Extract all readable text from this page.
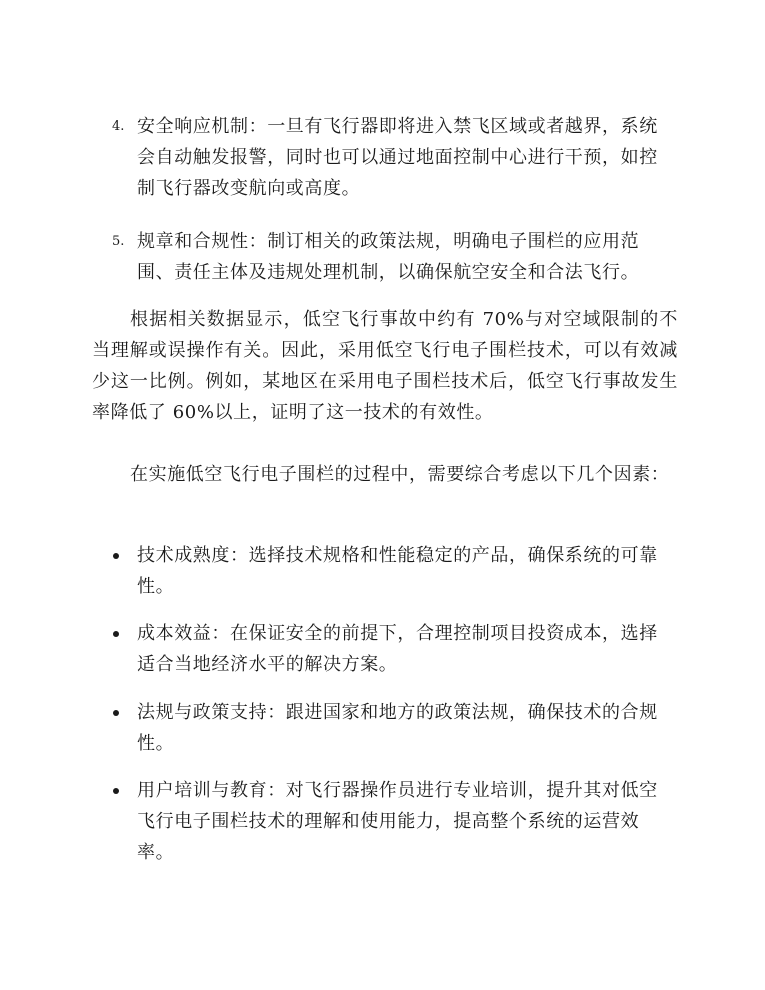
4. 安全响应机制：一旦有飞行器即将进入禁飞区域或者越界，系统会自动触发报警，同时也可以通过地面控制中心进行干预，如控制飞行器改变航向或高度。
5. 规章和合规性：制订相关的政策法规，明确电子围栏的应用范围、责任主体及违规处理机制，以确保航空安全和合法飞行。

根据相关数据显示，低空飞行事故中约有 70%与对空域限制的不当理解或误操作有关。因此，采用低空飞行电子围栏技术，可以有效减少这一比例。例如，某地区在采用电子围栏技术后，低空飞行事故发生率降低了 60%以上，证明了这一技术的有效性。

在实施低空飞行电子围栏的过程中，需要综合考虑以下几个因素：

技术成熟度：选择技术规格和性能稳定的产品，确保系统的可靠性。
成本效益：在保证安全的前提下，合理控制项目投资成本，选择适合当地经济水平的解决方案。
法规与政策支持：跟进国家和地方的政策法规，确保技术的合规性。
用户培训与教育：对飞行器操作员进行专业培训，提升其对低空飞行电子围栏技术的理解和使用能力，提高整个系统的运营效率。
